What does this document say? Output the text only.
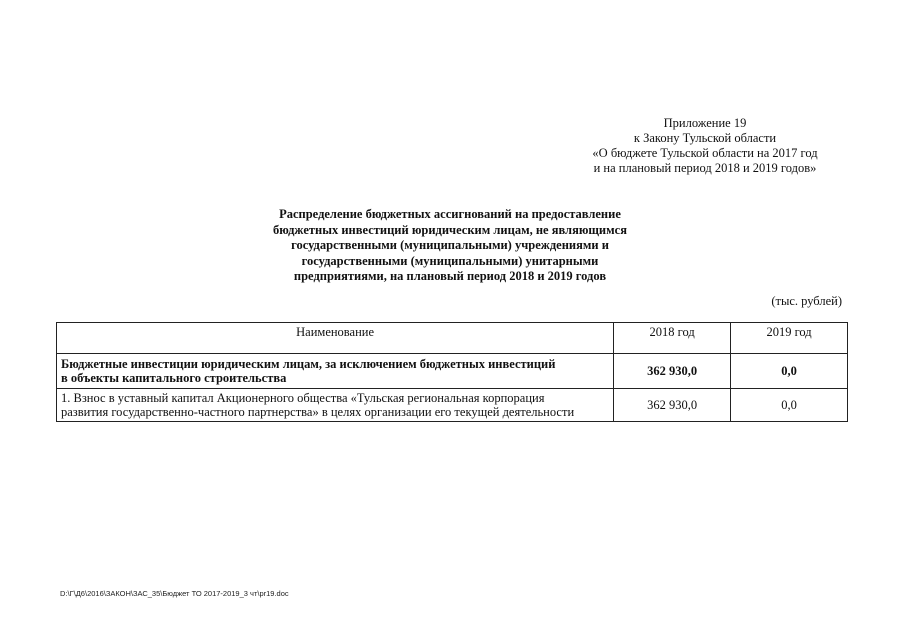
Приложение 19
к Закону Тульской области
«О бюджете Тульской области на 2017 год
и на плановый период 2018 и 2019 годов»
Распределение бюджетных ассигнований на предоставление
бюджетных инвестиций юридическим лицам, не являющимся
государственными (муниципальными) учреждениями и
государственными (муниципальными) унитарными
предприятиями, на плановый период 2018 и 2019 годов
(тыс. рублей)
Наименование	2018 год	2019 год

Бюджетные инвестиции юридическим лицам, за исключением бюджетных инвестиций
в объекты капитального строительства	362 930,0	0,0

1. Взнос в уставный капитал Акционерного общества «Тульская региональная корпорация
развития государственно-частного партнерства» в целях организации его текущей деятельности	362 930,0	0,0
D:\Г\Д6\2016\ЗАКОН\ЗАС_35\Бюджет ТО 2017-2019_3 чт\pr19.doc
